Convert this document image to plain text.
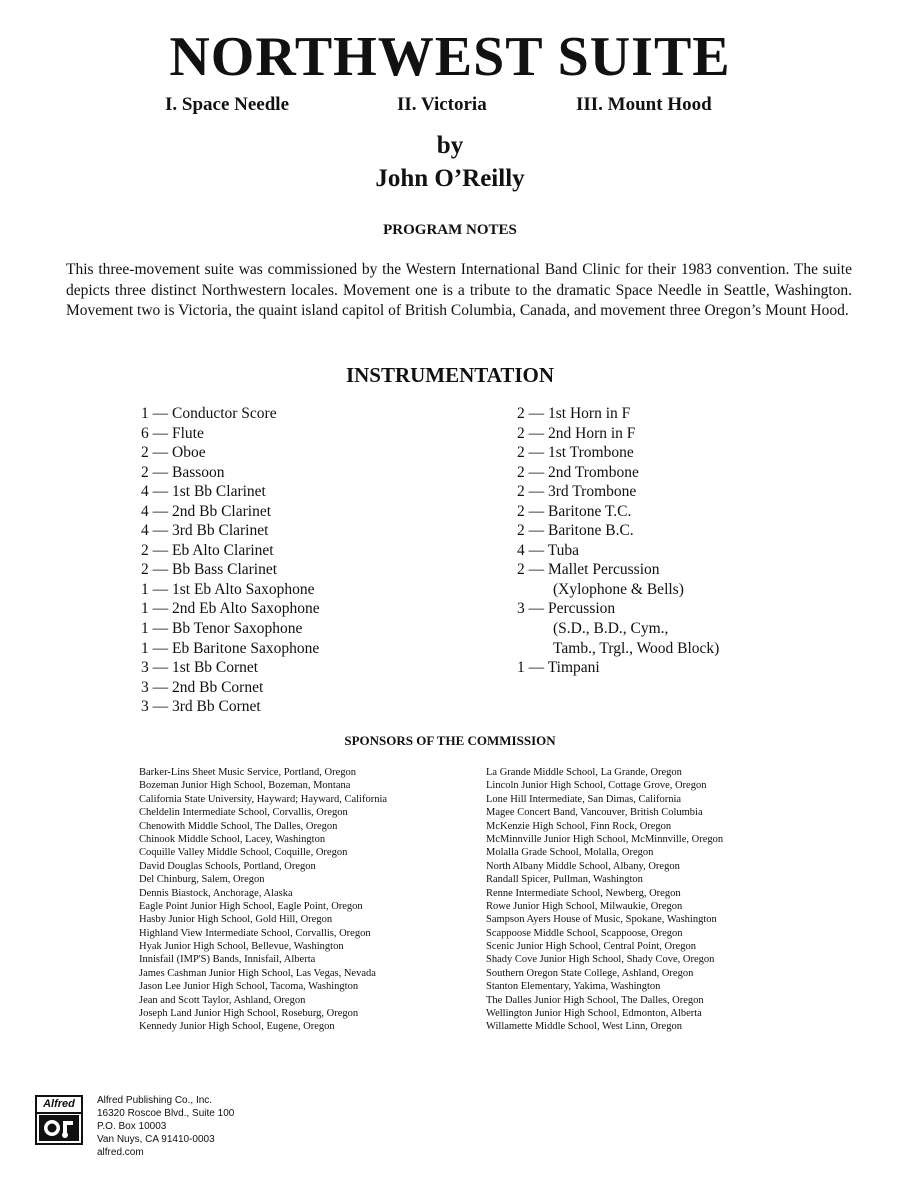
NORTHWEST SUITE
I. Space Needle	II. Victoria	III. Mount Hood
by
John O’Reilly
PROGRAM NOTES
This three-movement suite was commissioned by the Western International Band Clinic for their 1983 convention. The suite depicts three distinct Northwestern locales. Movement one is a tribute to the dramatic Space Needle in Seattle, Washington. Movement two is Victoria, the quaint island capitol of British Columbia, Canada, and movement three Oregon’s Mount Hood.
INSTRUMENTATION
1 — Conductor Score
6 — Flute
2 — Oboe
2 — Bassoon
4 — 1st Bb Clarinet
4 — 2nd Bb Clarinet
4 — 3rd Bb Clarinet
2 — Eb Alto Clarinet
2 — Bb Bass Clarinet
1 — 1st Eb Alto Saxophone
1 — 2nd Eb Alto Saxophone
1 — Bb Tenor Saxophone
1 — Eb Baritone Saxophone
3 — 1st Bb Cornet
3 — 2nd Bb Cornet
3 — 3rd Bb Cornet
2 — 1st Horn in F
2 — 2nd Horn in F
2 — 1st Trombone
2 — 2nd Trombone
2 — 3rd Trombone
2 — Baritone T.C.
2 — Baritone B.C.
4 — Tuba
2 — Mallet Percussion
(Xylophone & Bells)
3 — Percussion
(S.D., B.D., Cym.,
Tamb., Trgl., Wood Block)
1 — Timpani
SPONSORS OF THE COMMISSION
Barker-Lins Sheet Music Service, Portland, Oregon
Bozeman Junior High School, Bozeman, Montana
California State University, Hayward; Hayward, California
Cheldelin Intermediate School, Corvallis, Oregon
Chenowith Middle School, The Dalles, Oregon
Chinook Middle School, Lacey, Washington
Coquille Valley Middle School, Coquille, Oregon
David Douglas Schools, Portland, Oregon
Del Chinburg, Salem, Oregon
Dennis Biastock, Anchorage, Alaska
Eagle Point Junior High School, Eagle Point, Oregon
Hasby Junior High School, Gold Hill, Oregon
Highland View Intermediate School, Corvallis, Oregon
Hyak Junior High School, Bellevue, Washington
Innisfail (IMP'S) Bands, Innisfail, Alberta
James Cashman Junior High School, Las Vegas, Nevada
Jason Lee Junior High School, Tacoma, Washington
Jean and Scott Taylor, Ashland, Oregon
Joseph Land Junior High School, Roseburg, Oregon
Kennedy Junior High School, Eugene, Oregon
La Grande Middle School, La Grande, Oregon
Lincoln Junior High School, Cottage Grove, Oregon
Lone Hill Intermediate, San Dimas, California
Magee Concert Band, Vancouver, British Columbia
McKenzie High School, Finn Rock, Oregon
McMinnville Junior High School, McMinnville, Oregon
Molalla Grade School, Molalla, Oregon
North Albany Middle School, Albany, Oregon
Randall Spicer, Pullman, Washington
Renne Intermediate School, Newberg, Oregon
Rowe Junior High School, Milwaukie, Oregon
Sampson Ayers House of Music, Spokane, Washington
Scappoose Middle School, Scappoose, Oregon
Scenic Junior High School, Central Point, Oregon
Shady Cove Junior High School, Shady Cove, Oregon
Southern Oregon State College, Ashland, Oregon
Stanton Elementary, Yakima, Washington
The Dalles Junior High School, The Dalles, Oregon
Wellington Junior High School, Edmonton, Alberta
Willamette Middle School, West Linn, Oregon
Alfred	Alfred Publishing Co., Inc.
16320 Roscoe Blvd., Suite 100
P.O. Box 10003
Van Nuys, CA 91410-0003
alfred.com
